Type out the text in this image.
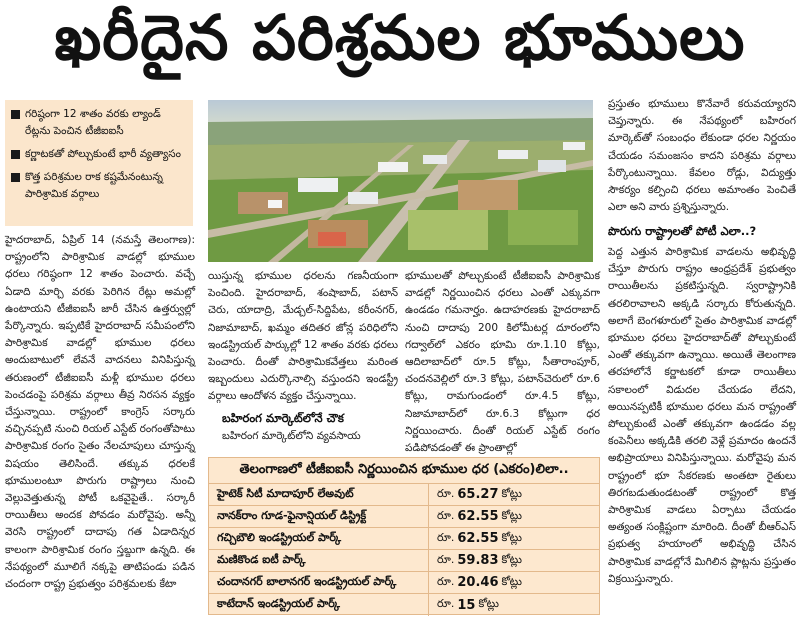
ఖరీదైన పరిశ్రమల భూములు
గరిష్ఠంగా 12 శాతం వరకు ల్యాండ్ రేట్లను పెంచిన టీజీఐఐసీ
కర్ణాటకతో పోల్చుకుంటే భారీ వ్యత్యాసం
కొత్త పరిశ్రమల రాక కష్టమేనంటున్న పారిశ్రామిక వర్గాలు

హైదరాబాద్, ఏప్రిల్ 14 (నమస్తే తెలంగాణ): రాష్ట్రంలోని పారిశ్రామిక వాడల్లో భూముల ధరలు గరిష్ఠంగా 12 శాతం పెంచారు. వచ్చే ఏడాది మార్చి వరకు పెరిగిన రేట్లు అమల్లో ఉంటాయని టీజీఐఐసీ జారీ చేసిన ఉత్తర్వుల్లో పేర్కొన్నారు. ఇప్పటికే హైదరాబాద్ సమీపంలోని పారిశ్రామిక వాడల్లో భూముల ధరలు అందుబాటులో లేవనే వాదనలు వినిపిస్తున్న తరుణంలో టీజీఐఐసీ మళ్లీ భూముల ధరలు పెంచడంపై పరిశ్రమ వర్గాలు తీవ్ర నిరసన వ్యక్తం చేస్తున్నాయి. రాష్ట్రంలో కాంగ్రెస్ సర్కారు వచ్చినప్పటి నుంచి రియల్ ఎస్టేట్ రంగంతోపాటు పారిశ్రామిక రంగం సైతం నేలచూపులు చూస్తున్న విషయం తెలిసిందే. తక్కువ ధరలకే భూములంటూ పొరుగు రాష్ట్రాలు నుంచి వెల్లువెత్తుతున్న పోటీ ఒకవైపైతే.. సర్కారీ రాయితీలు అందక పోవడం మరోవైపు. అన్నీ వెరసి రాష్ట్రంలో దాదాపు గత ఏడాదిన్నర కాలంగా పారిశ్రామిక రంగం స్తబ్దుగా ఉన్నది. ఈ నేపథ్యంలో మూలిగే నక్కపై తాటిపండు పడిన చందంగా రాష్ట్ర ప్రభుత్వం పరిశ్రమలకు కేటా

యిస్తున్న భూముల ధరలను గణనీయంగా పెంచింది. హైదరాబాద్, శంషాబాద్, పటాన్ చెరు, యాదాద్రి, మేడ్చల్-సిద్దిపేట, కరీంనగర్, నిజామాబాద్, ఖమ్మం తదితర జోన్ల పరిధిలోని ఇండస్ట్రియల్ పార్కుల్లో 12 శాతం వరకు ధరలు పెంచారు. దీంతో పారిశ్రామికవేత్తలు మరింత ఇబ్బందులు ఎదుర్కొనాల్సి వస్తుందని ఇండస్ట్రీ వర్గాలు ఆందోళన వ్యక్తం చేస్తున్నాయి.

బహిరంగ మార్కెట్‌లోనే చౌక

బహిరంగ మార్కెట్‌లోని వ్యవసాయ

భూములతో పోల్చుకుంటే టీజీఐఐసీ పారిశ్రామిక వాడల్లో నిర్ణయించిన ధరలు ఎంతో ఎక్కువగా ఉండడం గమనార్హం. ఉదాహరణకు హైదరాబాద్ నుంచి దాదాపు 200 కిలోమీటర్ల దూరంలోని గద్వాల్‌లో ఎకరం భూమి రూ.1.10 కోట్లు, ఆదిలాబాద్‌లో రూ.5 కోట్లు, సీతారాంపూర్, చందనవెల్లిలో రూ.3 కోట్లు, పటాన్‌చెరులో రూ.6 కోట్లు, రామగుండంలో రూ.4.5 కోట్లు, నిజామాబాద్‌లో రూ.6.3 కోట్లుగా ధర నిర్ణయించారు. దీంతో రియల్ ఎస్టేట్ రంగం పడిపోవడంతో ఈ ప్రాంతాల్లో

ప్రస్తుతం భూములు కొనేవారే కరువయ్యారని చెప్తున్నారు. ఈ నేపథ్యంలో బహిరంగ మార్కెట్‌తో సంబంధం లేకుండా ధరల నిర్ణయం చేయడం సమంజసం కాదని పరిశ్రమ వర్గాలు పేర్కొంటున్నాయి. కేవలం రోడ్లు, విద్యుత్తు సౌకర్యం కల్పించి ధరలు అమాంతం పెంచితే ఎలా అని వారు ప్రశ్నిస్తున్నారు.

పొరుగు రాష్ట్రాలతో పోటీ ఎలా..?

పెద్ద ఎత్తున పారిశ్రామిక వాడలను అభివృద్ధి చేస్తూ పొరుగు రాష్ట్రం ఆంధ్రప్రదేశ్ ప్రభుత్వం రాయితీలను ప్రకటిస్తున్నది. స్వరాష్ట్రానికి తరలిరావాలని అక్కడి సర్కారు కోరుతున్నది. అలాగే బెంగళూరులో సైతం పారిశ్రామిక వాడల్లో భూముల ధరలు హైదరాబాద్‌తో పోల్చుకుంటే ఎంతో తక్కువగా ఉన్నాయి. అయితే తెలంగాణ తరహాలోనే కర్ణాటకలో కూడా రాయితీలు సకాలంలో విడుదల చేయడం లేదని, అయినప్పటికీ భూముల ధరలు మన రాష్ట్రంతో పోల్చుకుంటే ఎంతో తక్కువగా ఉండడం వల్ల కంపెనీలు అక్కడికి తరలి వెళ్లే ప్రమాదం ఉందనే అభిప్రాయాలు వినిపిస్తున్నాయి. మరోవైపు మన రాష్ట్రంలో భూ సేకరణకు అంతటా రైతులు తిరగబడుతుండటంతో రాష్ట్రంలో కొత్త పారిశ్రామిక వాడలు ఏర్పాటు చేయడం అత్యంత సంక్లిష్టంగా మారింది. దీంతో బీఆర్ఎస్ ప్రభుత్వ హయాంలో అభివృద్ధి చేసిన పారిశ్రామిక వాడల్లోనే మిగిలిన ప్లాట్లను ప్రస్తుతం విక్రయిస్తున్నారు.

తెలంగాణలో టీజీఐఐసీ నిర్ణయించిన భూముల ధర (ఎకరం)లిలా..
హైటెక్ సిటీ మాదాపూర్ లేఅవుట్	రూ. 65.27 కోట్లు
నానక్‌రాం గూడ-ఫైనాన్షియల్ డిస్ట్రిక్ట్	రూ. 62.55 కోట్లు
గచ్చిబౌలి ఇండస్ట్రియల్ పార్క్	రూ. 62.55 కోట్లు
మణికొండ ఐటీ పార్క్	రూ. 59.83 కోట్లు
చందానగర్ బాలానగర్ ఇండస్ట్రియల్ పార్క్	రూ. 20.46 కోట్లు
కాటేదాన్ ఇండస్ట్రియల్ పార్క్	రూ. 15 కోట్లు
